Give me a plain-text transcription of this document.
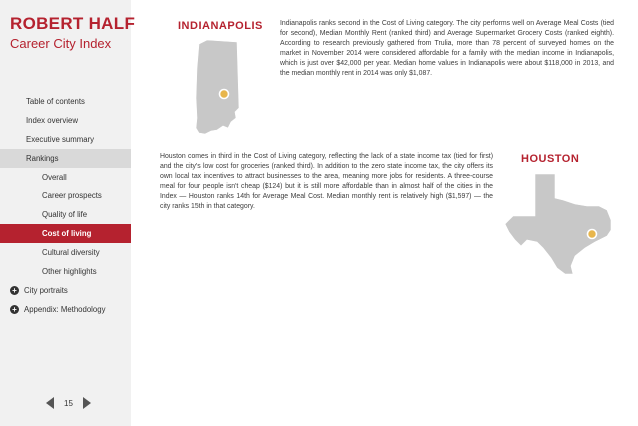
ROBERT HALF
Career City Index
Table of contents
Index overview
Executive summary
Rankings
Overall
Career prospects
Quality of life
Cost of living
Cultural diversity
Other highlights
+ City portraits
+ Appendix: Methodology
15
INDIANAPOLIS Indianapolis ranks second in the Cost of Living category. The city performs well on Average Meal Costs (tied for second), Median Monthly Rent (ranked third) and Average Supermarket Grocery Costs (ranked eighth). According to research previously gathered from Trulia, more than 78 percent of surveyed homes on the market in November 2014 were considered affordable for a family with the median income in Indianapolis, which is just over $42,000 per year. Median home values in Indianapolis were about $118,000 in 2013, and the median monthly rent in 2014 was only $1,087.
Houston comes in third in the Cost of Living category, reflecting the lack of a state income tax (tied for first) and the city's low cost for groceries (ranked third). In addition to the zero state income tax, the city offers its own local tax incentives to attract businesses to the area, meaning more jobs for residents. A three-course meal for four people isn't cheap ($124) but it is still more affordable than in almost half of the cities in the Index — Houston ranks 14th for Average Meal Cost. Median monthly rent is relatively high ($1,597) — the city ranks 15th in that category.
HOUSTON
